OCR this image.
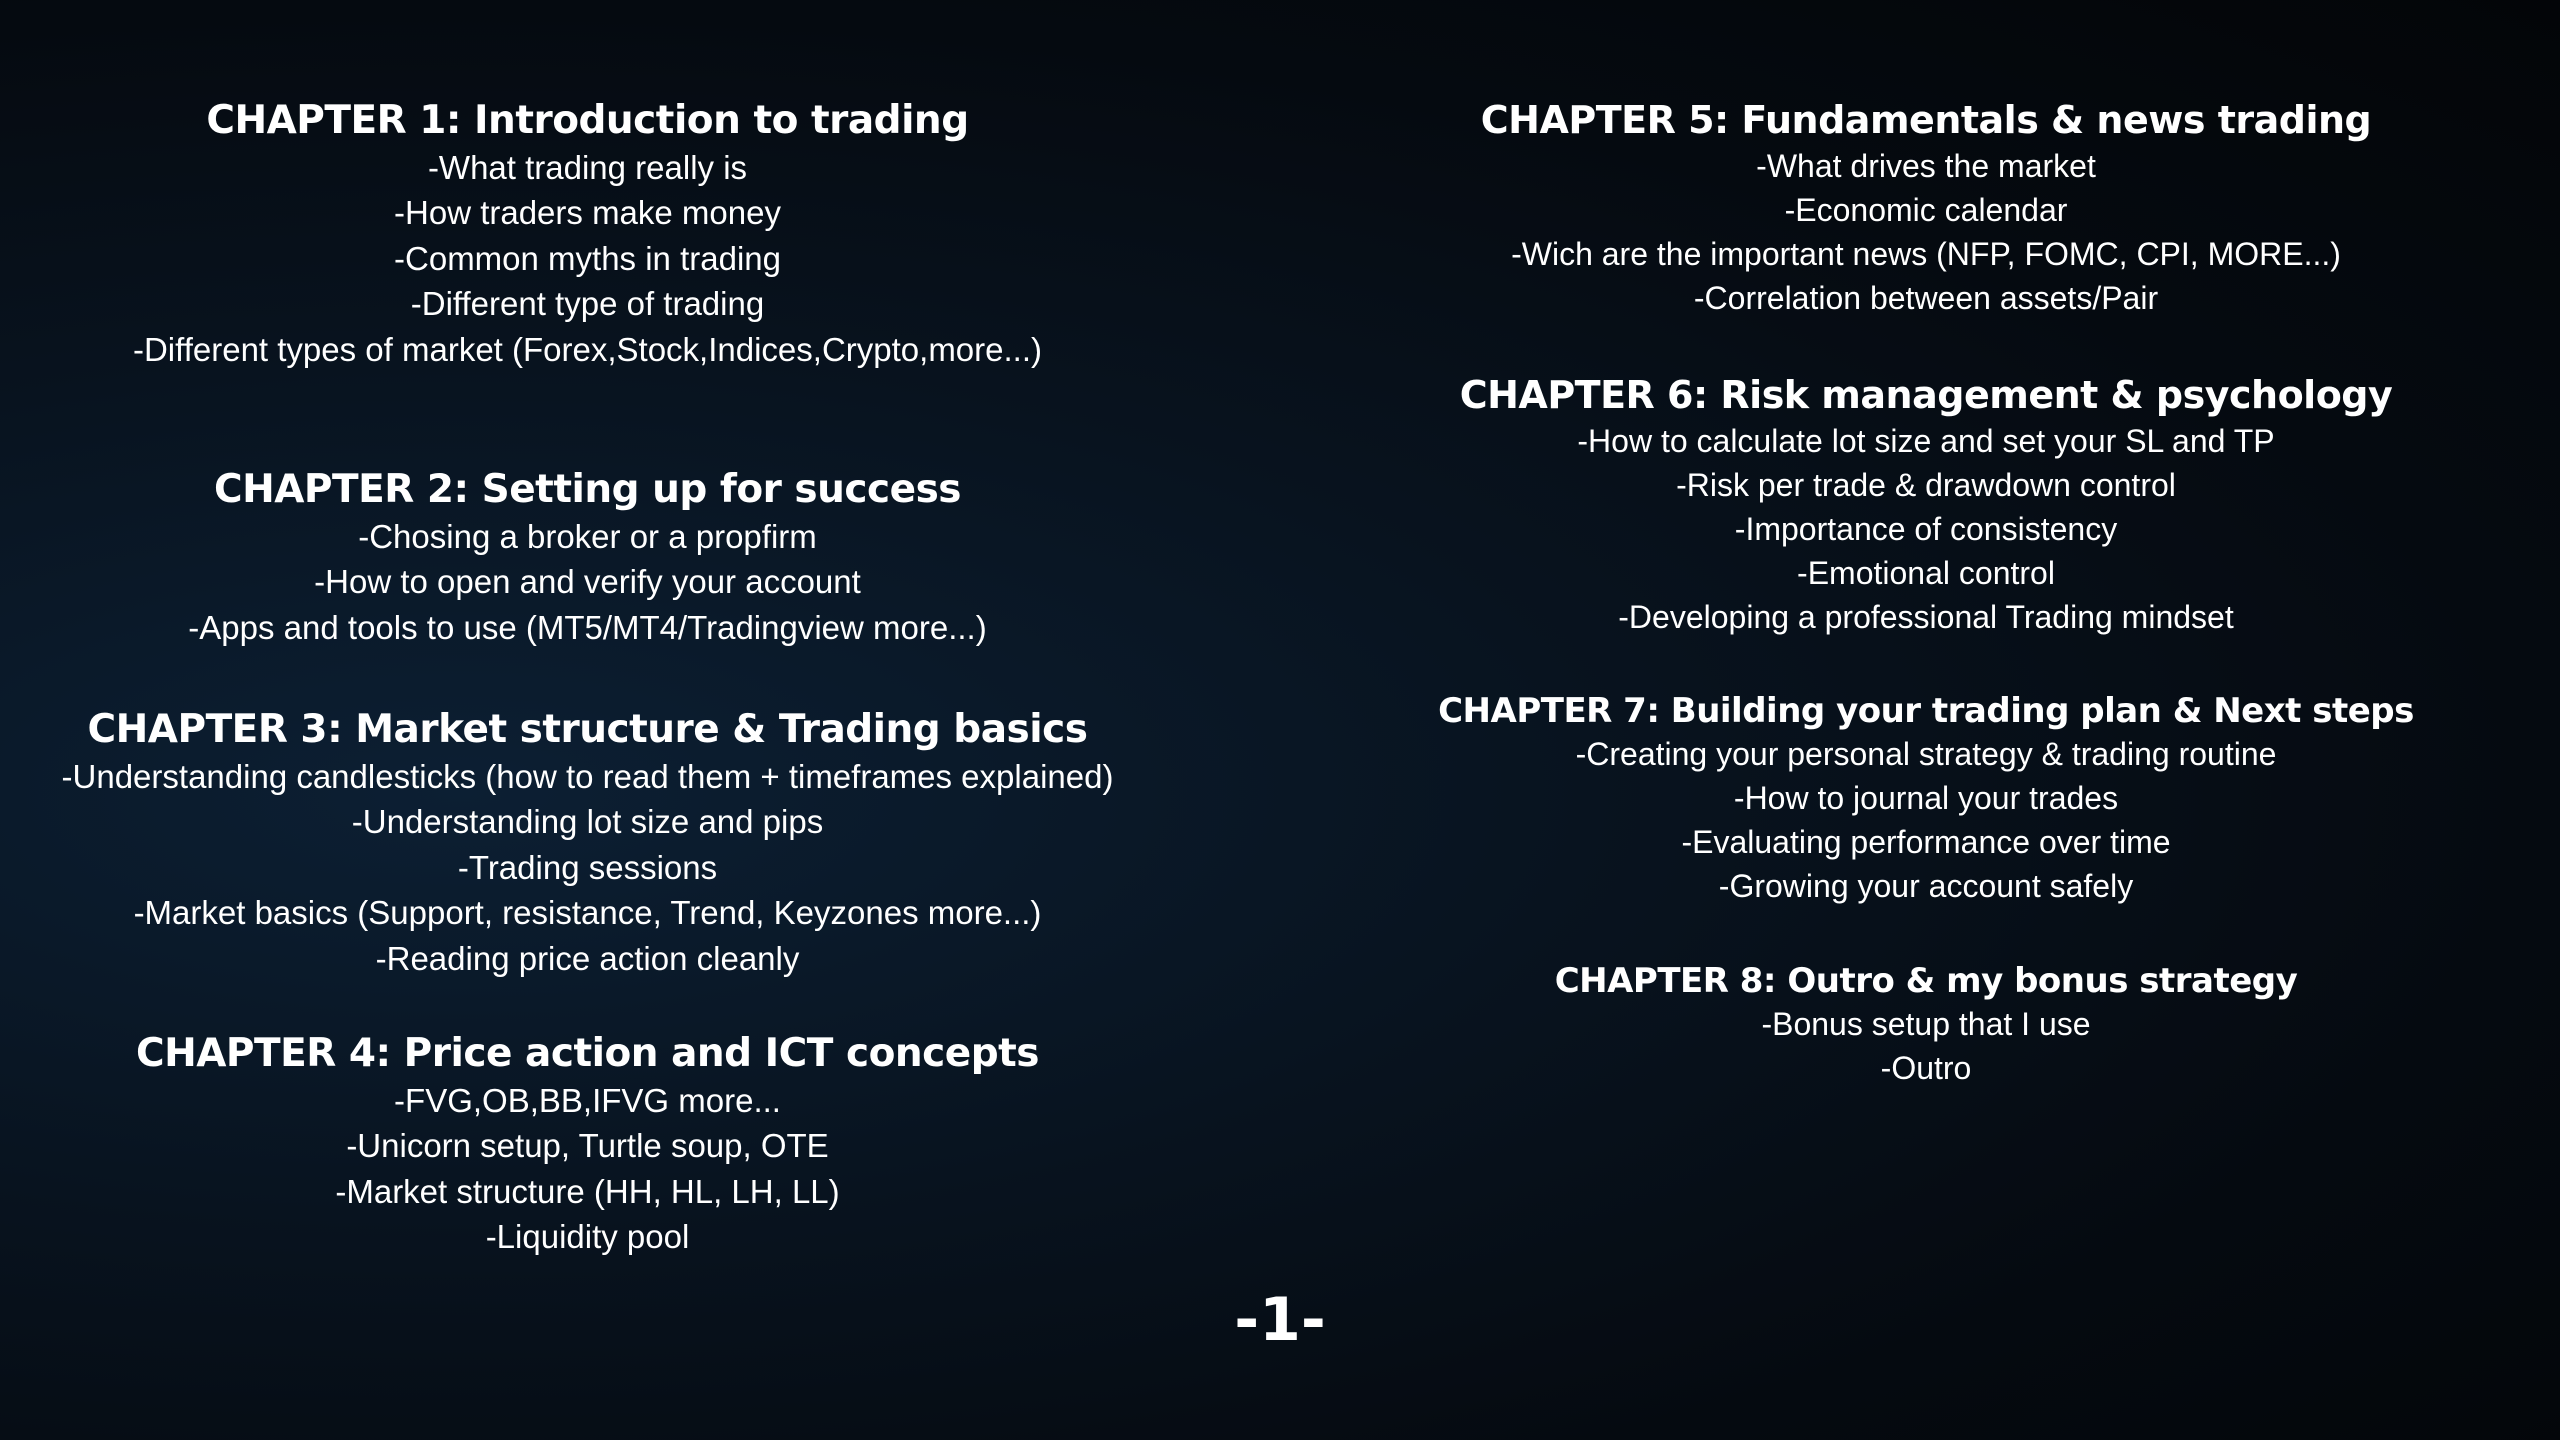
CHAPTER 1: Introduction to trading
-What trading really is
-How traders make money
-Common myths in trading
-Different type of trading
-Different types of market (Forex,Stock,Indices,Crypto,more...)
CHAPTER 2: Setting up for success
-Chosing a broker or a propfirm
-How to open and verify your account
-Apps and tools to use (MT5/MT4/Tradingview more...)
CHAPTER 3: Market structure & Trading basics
-Understanding candlesticks (how to read them + timeframes explained)
-Understanding lot size and pips
-Trading sessions
-Market basics (Support, resistance, Trend, Keyzones more...)
-Reading price action cleanly
CHAPTER 4: Price action and ICT concepts
-FVG,OB,BB,IFVG more...
-Unicorn setup, Turtle soup, OTE
-Market structure (HH, HL, LH, LL)
-Liquidity pool
CHAPTER 5: Fundamentals & news trading
-What drives the market
-Economic calendar
-Wich are the important news (NFP, FOMC, CPI, MORE...)
-Correlation between assets/Pair
CHAPTER 6: Risk management & psychology
-How to calculate lot size and set your SL and TP
-Risk per trade & drawdown control
-Importance of consistency
-Emotional control
-Developing a professional Trading mindset
CHAPTER 7: Building your trading plan & Next steps
-Creating your personal strategy & trading routine
-How to journal your trades
-Evaluating performance over time
-Growing your account safely
CHAPTER 8: Outro & my bonus strategy
-Bonus setup that I use
-Outro
-1-
